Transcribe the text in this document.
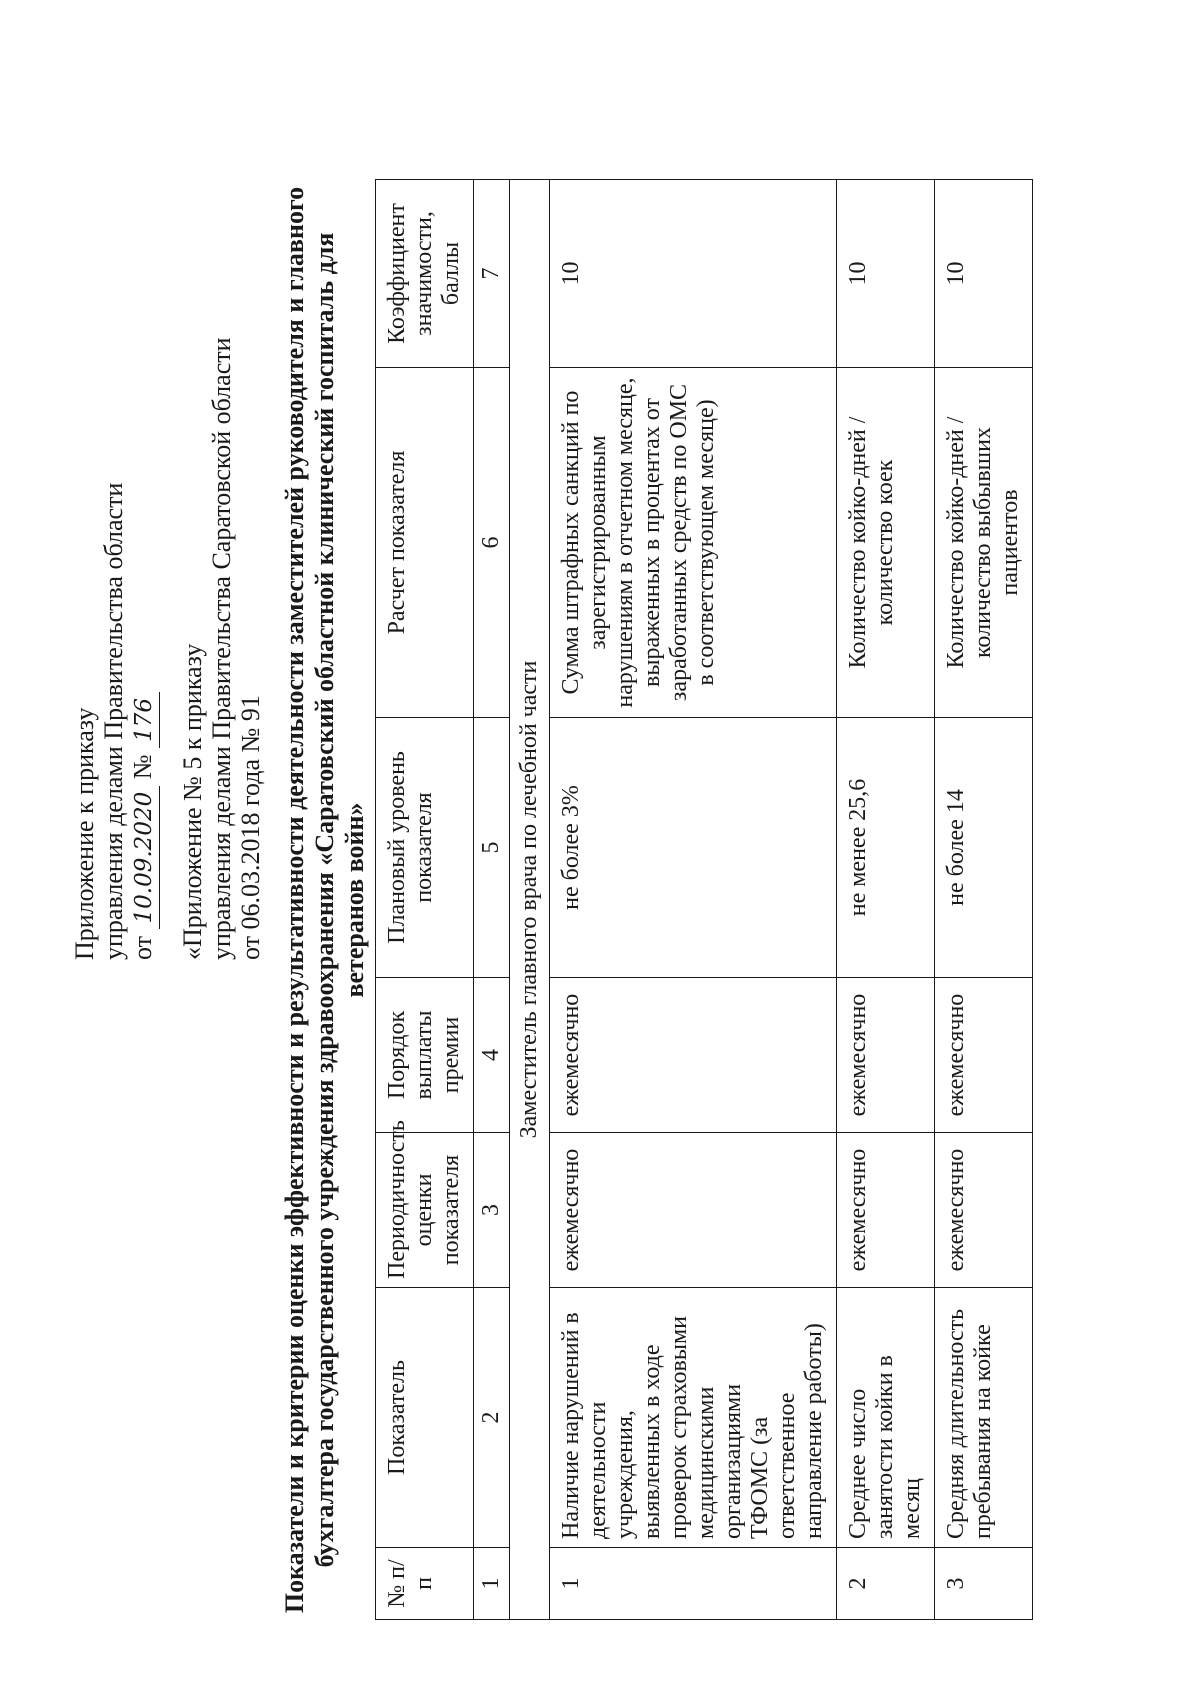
Приложение к приказу управления делами Правительства области от 10.09.2020 № 176 «Приложение № 5 к приказу управления делами Правительства Саратовской области от 06.03.2018 года № 91 Показатели и критерии оценки эффективности и результативности деятельности заместителей руководителя и главного бухгалтера государственного учреждения здравоохранения «Саратовский областной клинический госпиталь для ветеранов войн»
№ п/п	Показатель	Периодичность оценки показателя	Порядок выплаты премии	Плановый уровень показателя	Расчет показателя	Коэффициент значимости, баллы
1	2	3	4	5	6	7
Заместитель главного врача по лечебной части						
1	Наличие нарушений в деятельности учреждения, выявленных в ходе проверок страховыми медицинскими организациями ТФОМС (за ответственное направление работы)	ежемесячно	ежемесячно	не более 3%	Сумма штрафных санкций по зарегистрированным нарушениям в отчетном месяце, выраженных в процентах от заработанных средств по ОМС в соответствующем месяце)	10
2	Среднее число занятости койки в месяц	ежемесячно	ежемесячно	не менее 25,6	Количество койко-дней / количество коек	10
3	Средняя длительность пребывания на койке	ежемесячно	ежемесячно	не более 14	Количество койко-дней / количество выбывших пациентов	10
